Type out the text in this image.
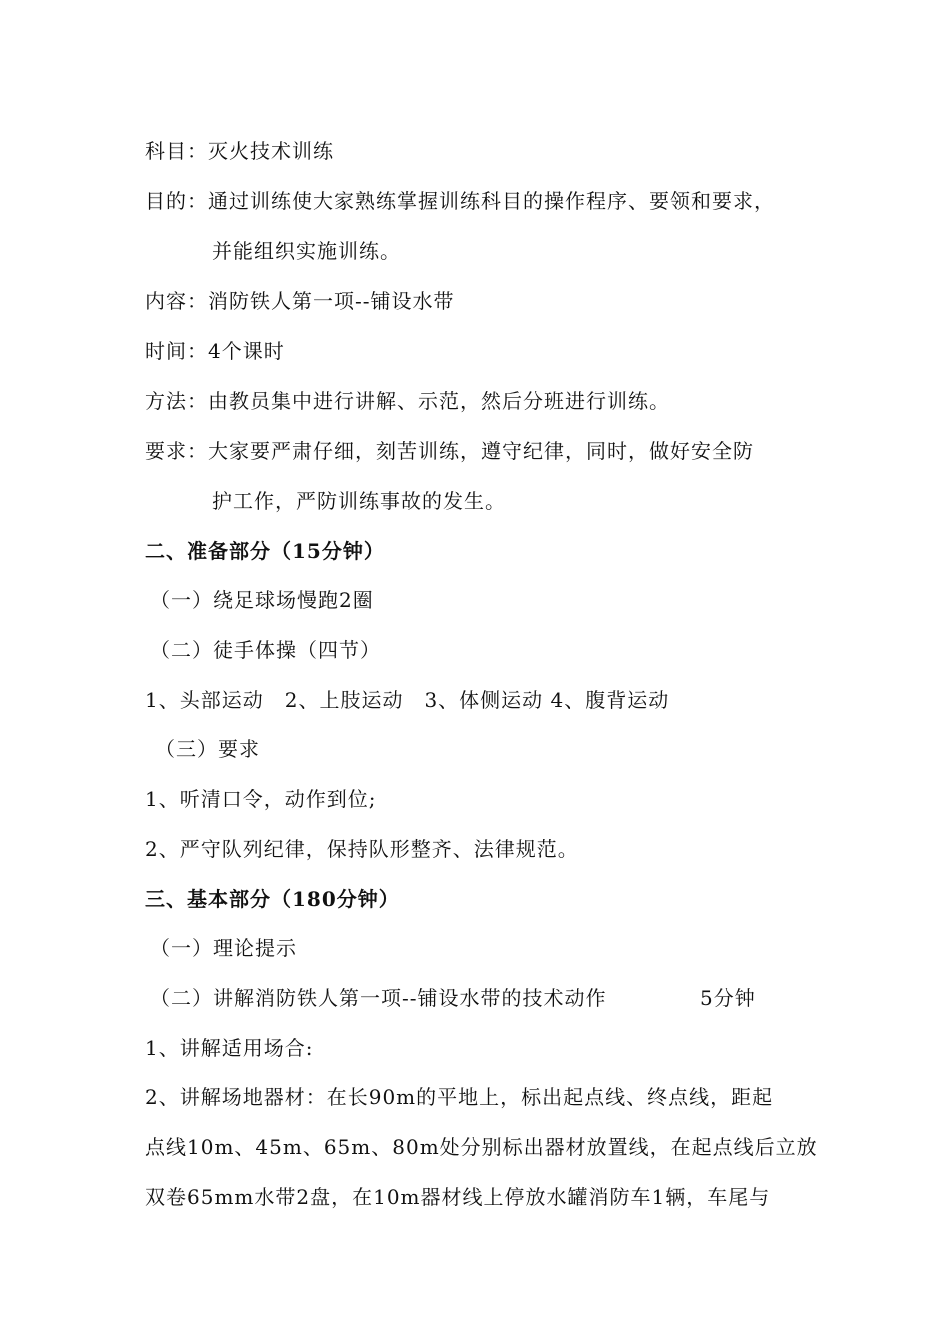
科目：灭火技术训练
目的：通过训练使大家熟练掌握训练科目的操作程序、要领和要求，
并能组织实施训练。
内容：消防铁人第一项--铺设水带
时间：4个课时
方法：由教员集中进行讲解、示范，然后分班进行训练。
要求：大家要严肃仔细，刻苦训练，遵守纪律，同时，做好安全防
护工作，严防训练事故的发生。
二、准备部分（15分钟）
（一）绕足球场慢跑2圈
（二）徒手体操（四节）
1、头部运动　2、上肢运动　3、体侧运动 4、腹背运动
（三）要求
1、听清口令，动作到位;
2、严守队列纪律，保持队形整齐、法律规范。
三、基本部分（180分钟）
（一）理论提示
（二）讲解消防铁人第一项--铺设水带的技术动作	5分钟
1、讲解适用场合:
2、讲解场地器材：在长90m的平地上，标出起点线、终点线，距起
点线10m、45m、65m、80m处分别标出器材放置线，在起点线后立放
双卷65mm水带2盘，在10m器材线上停放水罐消防车1辆，车尾与
